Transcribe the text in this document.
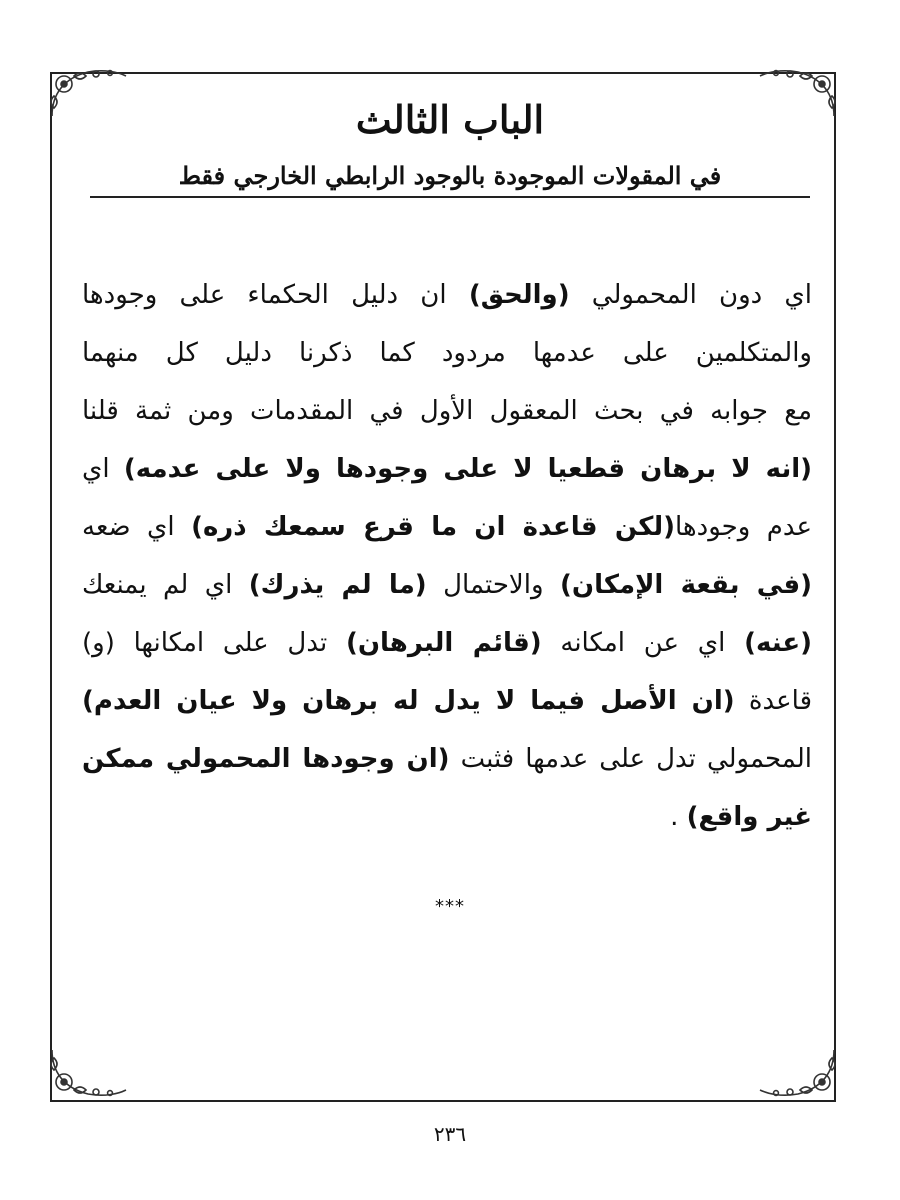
الباب الثالث
في المقولات الموجودة بالوجود الرابطي الخارجي فقط
اي دون المحمولي (والحق) ان دليل الحكماء على وجودها
والمتكلمين على عدمها مردود كما ذكرنا دليل كل منهما
مع جوابه في بحث المعقول الأول في المقدمات ومن ثمة قلنا
(انه لا برهان قطعيا لا على وجودها ولا على عدمه) اي
عدم وجودها(لكن قاعدة ان ما قرع سمعك ذره) اي ضعه
(في بقعة الإمكان) والاحتمال (ما لم يذرك) اي لم يمنعك
(عنه) اي عن امكانه (قائم البرهان) تدل على امكانها (و)
قاعدة (ان الأصل فيما لا يدل له برهان ولا عيان العدم)
المحمولي تدل على عدمها فثبت (ان وجودها المحمولي ممكن
غير واقع) .
***
٢٣٦
